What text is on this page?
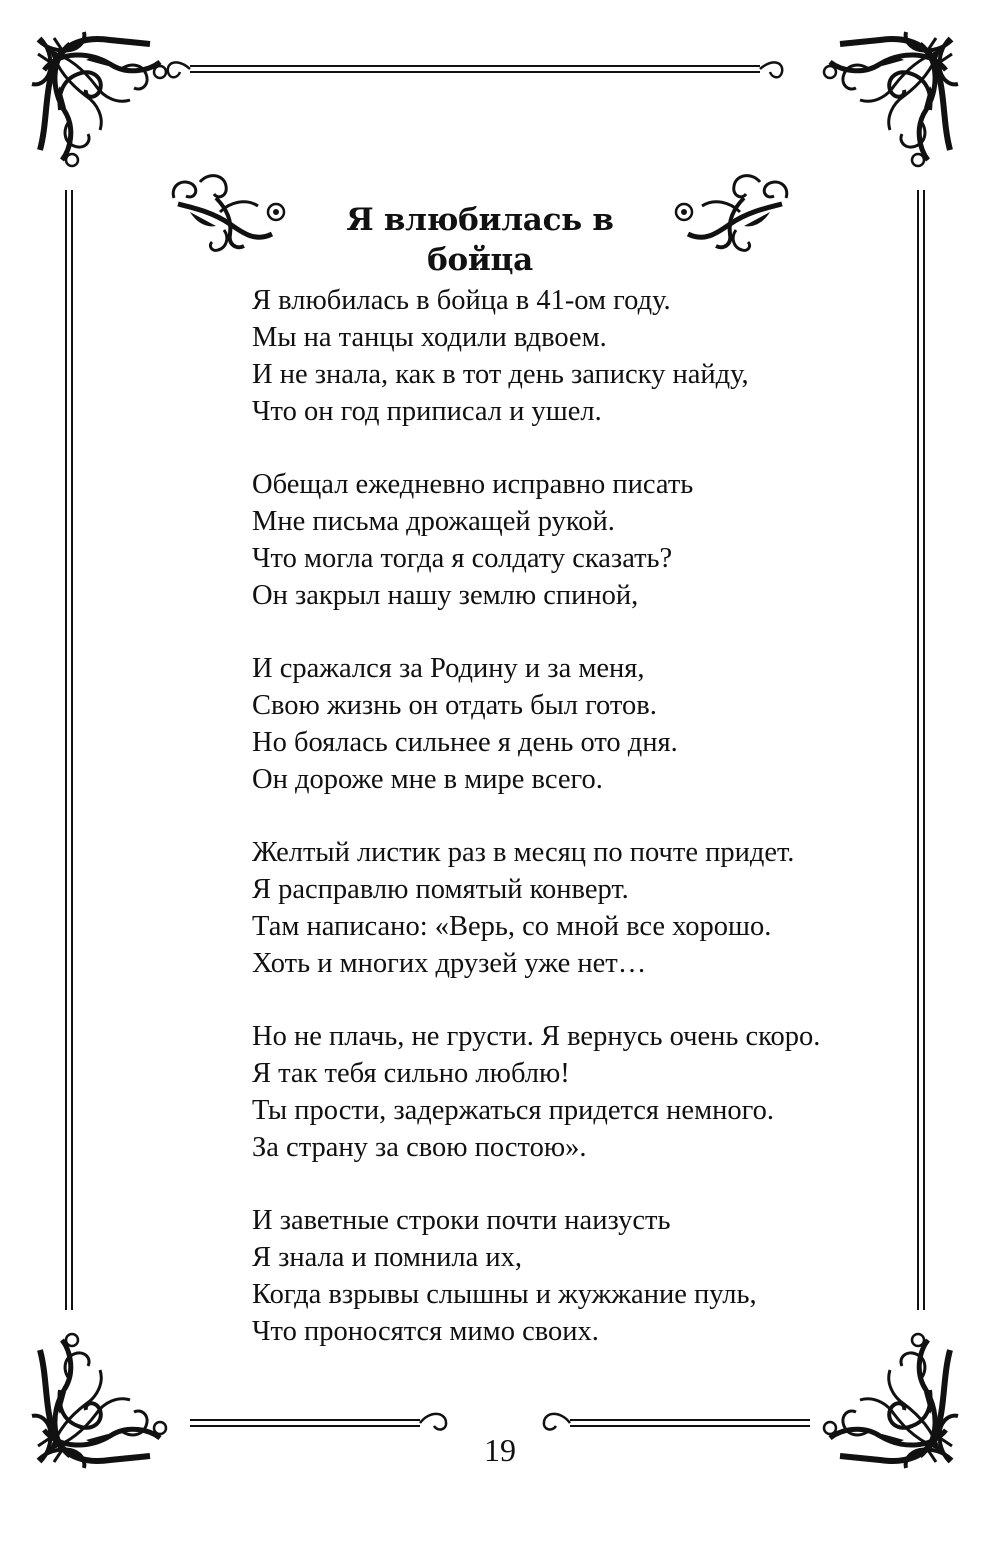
Я влюбилась в бойца
Я влюбилась в бойца в 41-ом году.
Мы на танцы ходили вдвоем.
И не знала, как в тот день записку найду,
Что он год приписал и ушел.
Обещал ежедневно исправно писать
Мне письма дрожащей рукой.
Что могла тогда я солдату сказать?
Он закрыл нашу землю спиной,
И сражался за Родину и за меня,
Свою жизнь он отдать был готов.
Но боялась сильнее я день ото дня.
Он дороже мне в мире всего.
Желтый листик раз в месяц по почте придет.
Я расправлю помятый конверт.
Там написано: «Верь, со мной все хорошо.
Хоть и многих друзей уже нет…
Но не плачь, не грусти. Я вернусь очень скоро.
Я так тебя сильно люблю!
Ты прости, задержаться придется немного.
За страну за свою постою».
И заветные строки почти наизусть
Я знала и помнила их,
Когда взрывы слышны и жужжание пуль,
Что проносятся мимо своих.
19
